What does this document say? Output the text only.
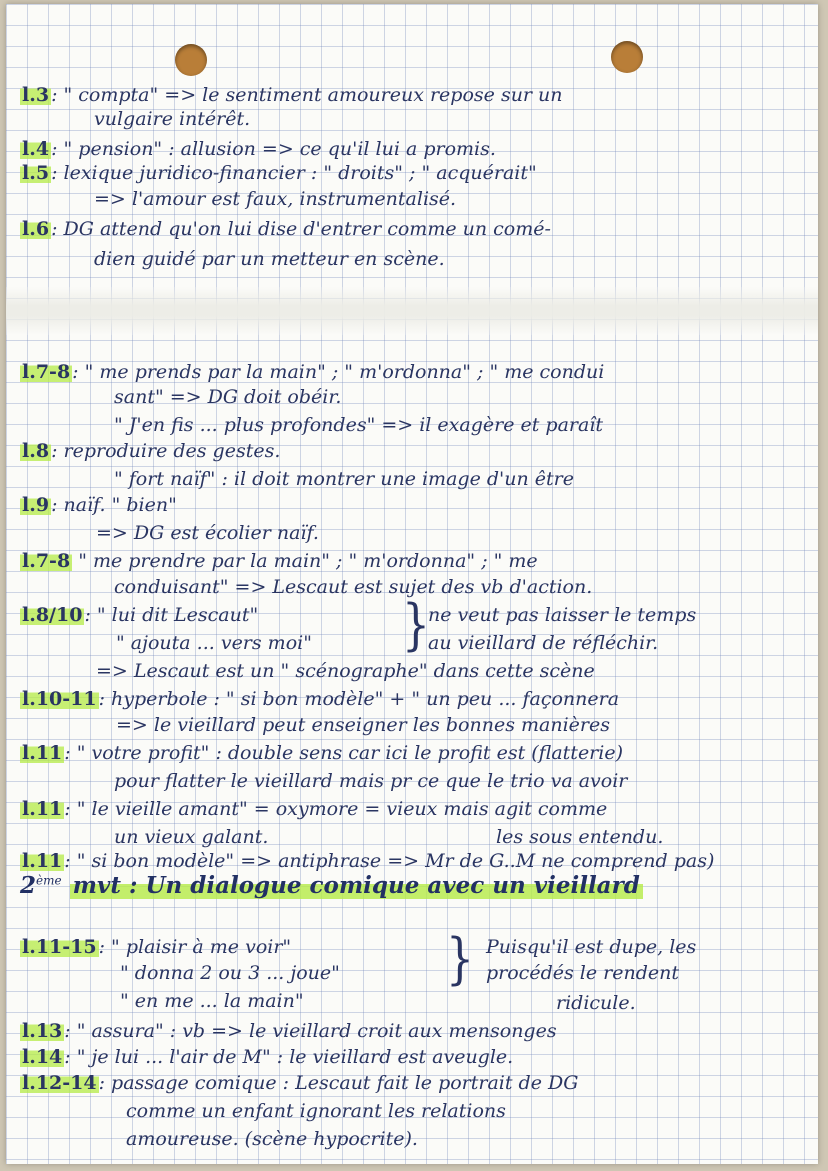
l.3 : " compta" => le sentiment amoureux repose sur un
vulgaire intérêt.
l.4 : " pension" : allusion => ce qu'il lui a promis.
l.5 : lexique juridico-financier : " droits" ; " acquérait"
=> l'amour est faux, instrumentalisé.
l.6 : DG attend qu'on lui dise d'entrer comme un comé-
dien guidé par un metteur en scène.
l.7-8 : " me prends par la main" ; " m'ordonna" ; " me condui
sant" => DG doit obéir.
" J'en fis ... plus profondes" => il exagère et paraît
l.8 : reproduire des gestes.
" fort naïf" : il doit montrer une image d'un être
l.9 : naïf. " bien"
=> DG est écolier naïf.
l.7-8 " me prendre par la main" ; " m'ordonna" ; " me
conduisant" => Lescaut est sujet des vb d'action.
l.8/10 : " lui dit Lescaut"
" ajouta ... vers moi"
=> Lescaut est un " scénographe" dans cette scène
l.10-11 : hyperbole : " si bon modèle" + " un peu ... façonnera
=> le vieillard peut enseigner les bonnes manières
l.11 : " votre profit" : double sens car ici le profit est (flatterie)
pour flatter le vieillard mais pr ce que le trio va avoir
l.11 : " le vieille amant" = oxymore = vieux mais agit comme
un vieux galant.	les sous entendu.
l.11 : " si bon modèle" => antiphrase => Mr de G..M ne comprend pas)
l.11-15 : " plaisir à me voir"
" donna 2 ou 3 ... joue"
" en me ... la main"
Puisqu'il est dupe, les
procédés le rendent
ridicule.
l.13 : " assura" : vb => le vieillard croit aux mensonges
l.14 : " je lui ... l'air de M" : le vieillard est aveugle.
l.12-14 : passage comique : Lescaut fait le portrait de DG
comme un enfant ignorant les relations
amoureuse. (scène hypocrite).
ne veut pas laisser le temps
au vieillard de réfléchir.
}
}
2ème mvt : Un dialogue comique avec un vieillard
